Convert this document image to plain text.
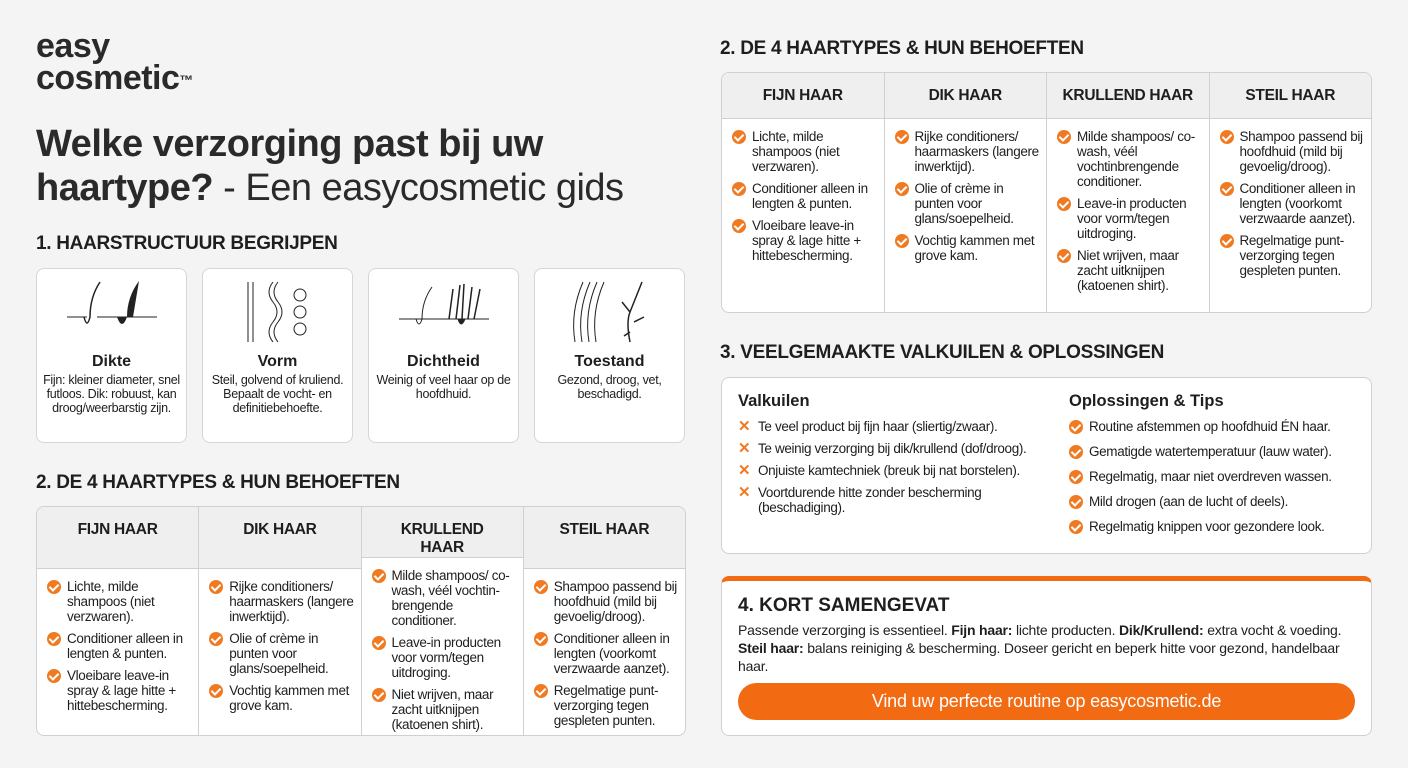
easy
cosmetic™
Welke verzorging past bij uw haartype? - Een easycosmetic gids
1. HAARSTRUCTUUR BEGRIJPEN
Dikte
Fijn: kleiner diameter, snel futloos. Dik: robuust, kan droog/weerbarstig zijn.
Vorm
Steil, golvend of kruliend. Bepaalt de vocht- en definitiebehoefte.
Dichtheid
Weinig of veel haar op de hoofdhuid.
Toestand
Gezond, droog, vet, beschadigd.
2. DE 4 HAARTYPES & HUN BEHOEFTEN
FIJN HAAR
Lichte, milde shampoos (niet verzwaren).
Conditioner alleen in lengten & punten.
Vloeibare leave-in spray & lage hitte + hittebescherming.
DIK HAAR
Rijke conditioners/ haarmaskers (langere inwerktijd).
Olie of crème in punten voor glans/soepelheid.
Vochtig kammen met grove kam.
KRULLEND HAAR
Milde shampoos/ co-wash, véél vochtin-brengende conditioner.
Leave-in producten voor vorm/tegen uitdroging.
Niet wrijven, maar zacht uitknijpen (katoenen shirt).
STEIL HAAR
Shampoo passend bij hoofdhuid (mild bij gevoelig/droog).
Conditioner alleen in lengten (voorkomt verzwaarde aanzet).
Regelmatige punt-verzorging tegen gespleten punten.
2. DE 4 HAARTYPES & HUN BEHOEFTEN
FIJN HAAR
Lichte, milde shampoos (niet verzwaren).
Conditioner alleen in lengten & punten.
Vloeibare leave-in spray & lage hitte + hittebescherming.
DIK HAAR
Rijke conditioners/ haarmaskers (langere inwerktijd).
Olie of crème in punten voor glans/soepelheid.
Vochtig kammen met grove kam.
KRULLEND HAAR
Milde shampoos/ co-wash, véél vochtinbrengende conditioner.
Leave-in producten voor vorm/tegen uitdroging.
Niet wrijven, maar zacht uitknijpen (katoenen shirt).
STEIL HAAR
Shampoo passend bij hoofdhuid (mild bij gevoelig/droog).
Conditioner alleen in lengten (voorkomt verzwaarde aanzet).
Regelmatige punt-verzorging tegen gespleten punten.
3. VEELGEMAAKTE VALKUILEN & OPLOSSINGEN
Valkuilen
✕ Te veel product bij fijn haar (sliertig/zwaar).
✕ Te weinig verzorging bij dik/krullend (dof/droog).
✕ Onjuiste kamtechniek (breuk bij nat borstelen).
✕ Voortdurende hitte zonder bescherming (beschadiging).
Oplossingen & Tips
Routine afstemmen op hoofdhuid ÉN haar.
Gematigde watertemperatuur (lauw water).
Regelmatig, maar niet overdreven wassen.
Mild drogen (aan de lucht of deels).
Regelmatig knippen voor gezondere look.
4. KORT SAMENGEVAT
Passende verzorging is essentieel. Fijn haar: lichte producten. Dik/Krullend: extra vocht & voeding. Steil haar: balans reiniging & bescherming. Doseer gericht en beperk hitte voor gezond, handelbaar haar.
Vind uw perfecte routine op easycosmetic.de
